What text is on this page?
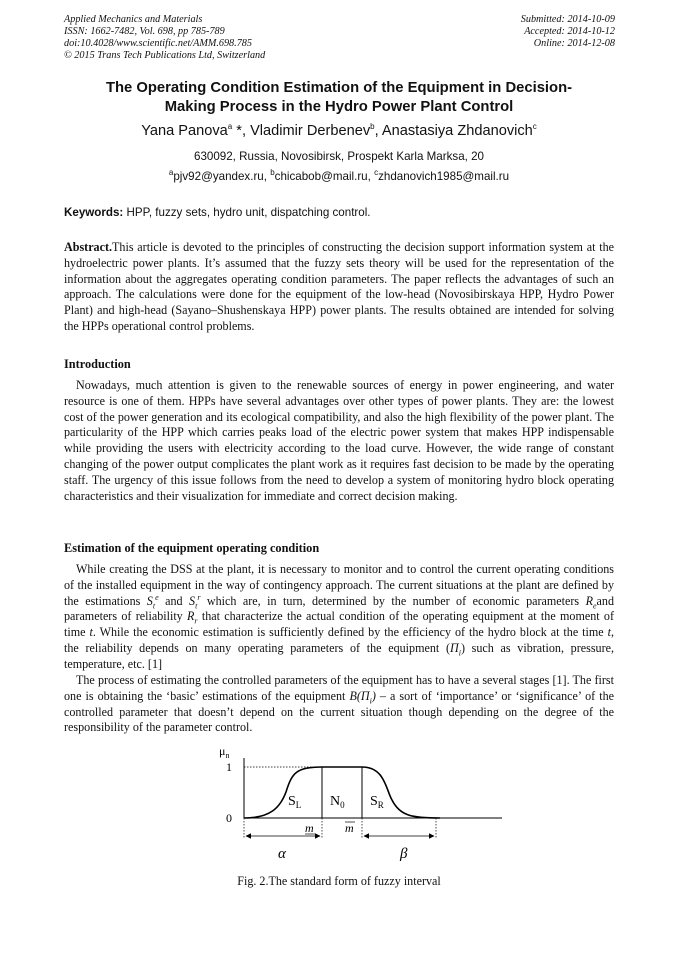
Applied Mechanics and Materials
ISSN: 1662-7482, Vol. 698, pp 785-789
doi:10.4028/www.scientific.net/AMM.698.785
© 2015 Trans Tech Publications Ltd, Switzerland
Submitted: 2014-10-09
Accepted: 2014-10-12
Online: 2014-12-08
The Operating Condition Estimation of the Equipment in Decision-
Making Process in the Hydro Power Plant Control
Yana Panova$^a$ *, Vladimir Derbenev$^b$, Anastasiya Zhdanovich$^c$
630092, Russia, Novosibirsk, Prospekt Karla Marksa, 20
$^a$pjv92@yandex.ru, $^b$chicabob@mail.ru, $^c$zhdanovich1985@mail.ru
Keywords: HPP, fuzzy sets, hydro unit, dispatching control.
Abstract.This article is devoted to the principles of constructing the decision support information system at the hydroelectric power plants. It’s assumed that the fuzzy sets theory will be used for the representation of the information about the aggregates operating condition parameters. The paper reflects the advantages of such an approach. The calculations were done for the equipment of the low-head (Novosibirskaya HPP, Hydro Power Plant) and high-head (Sayano–Shushenskaya HPP) power plants. The results obtained are intended for solving the HPPs operational control problems.
Introduction
Nowadays, much attention is given to the renewable sources of energy in power engineering, and water resource is one of them. HPPs have several advantages over other types of power plants. They are: the lowest cost of the power generation and its ecological compatibility, and also the high flexibility of the power plant. The particularity of the HPP which carries peaks load of the electric power system that makes HPP indispensable while providing the users with electricity according to the load curve. However, the wide range of constant changing of the power output complicates the plant work as it requires fast decision to be made by the operating staff. The urgency of this issue follows from the need to develop a system of monitoring hydro block operating characteristics and their visualization for immediate and correct decision making.
Estimation of the equipment operating condition
While creating the DSS at the plant, it is necessary to monitor and to control the current operating conditions of the installed equipment in the way of contingency approach. The current situations at the plant are defined by the estimations $S_t^e$ and $S_t^r$ which are, in turn, determined by the number of economic parameters $R_eand$ parameters of reliability $R_r$ that characterize the actual condition of the operating equipment at the moment of time t. While the economic estimation is sufficiently defined by the efficiency of the hydro block at the time t, the reliability depends on many operating parameters of the equipment $(\Pi_i)$ such as vibration, pressure, temperature, etc. [1]
The process of estimating the controlled parameters of the equipment has to have a several stages [1]. The first one is obtaining the ‘basic’ estimations of the equipment $B(\Pi_i)$ – a sort of ‘importance’ or ‘significance’ of the controlled parameter that doesn’t depend on the current situation though depending on the degree of the responsibility of the parameter control.
$\mu_n$
1
0
$S_L$ $N_0$ $S_R$
m	m
α	β
Fig. 2.The standard form of fuzzy interval
